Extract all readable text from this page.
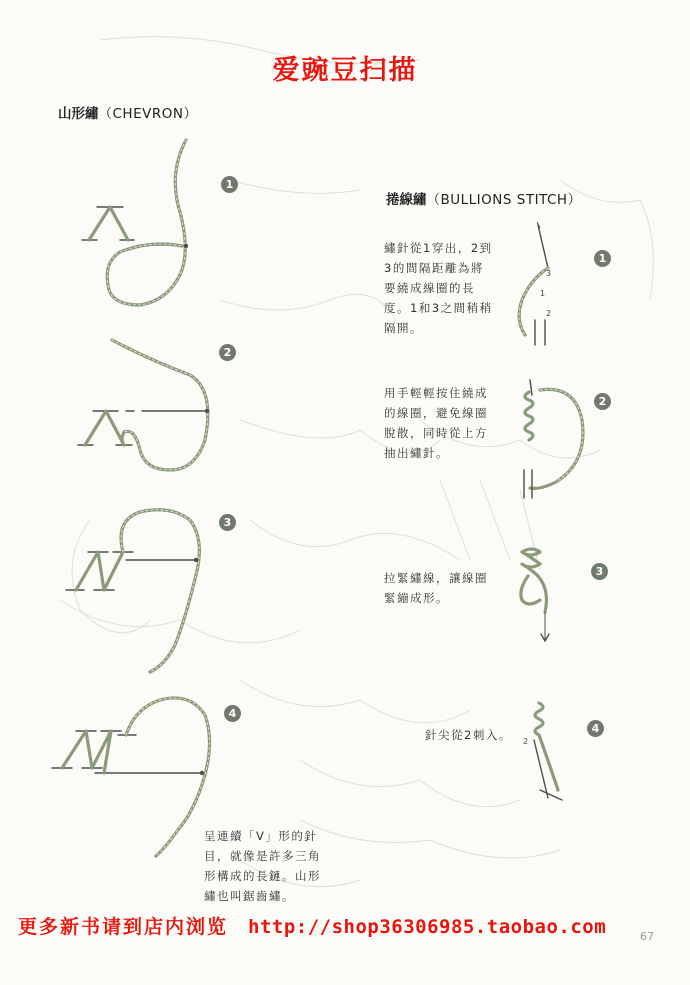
爱豌豆扫描
山形繡（CHEVRON）
捲線繡（BULLIONS STITCH）
1
2
3
4
1
2
3
4
3
1
2
2
呈連續「V」形的針
目，就像是許多三角
形構成的長鏈。山形
繡也叫鋸齒繡。
繡針從1穿出，2到
3的間隔距離為將
要繞成線圈的長
度。1和3之間稍稍
隔開。
用手輕輕按住繞成
的線圈，避免線圈
脫散，同時從上方
抽出繡針。
拉緊繡線，讓線圈
緊繃成形。
針尖從2刺入。
更多新书请到店内浏览 http://shop36306985.taobao.com	67
